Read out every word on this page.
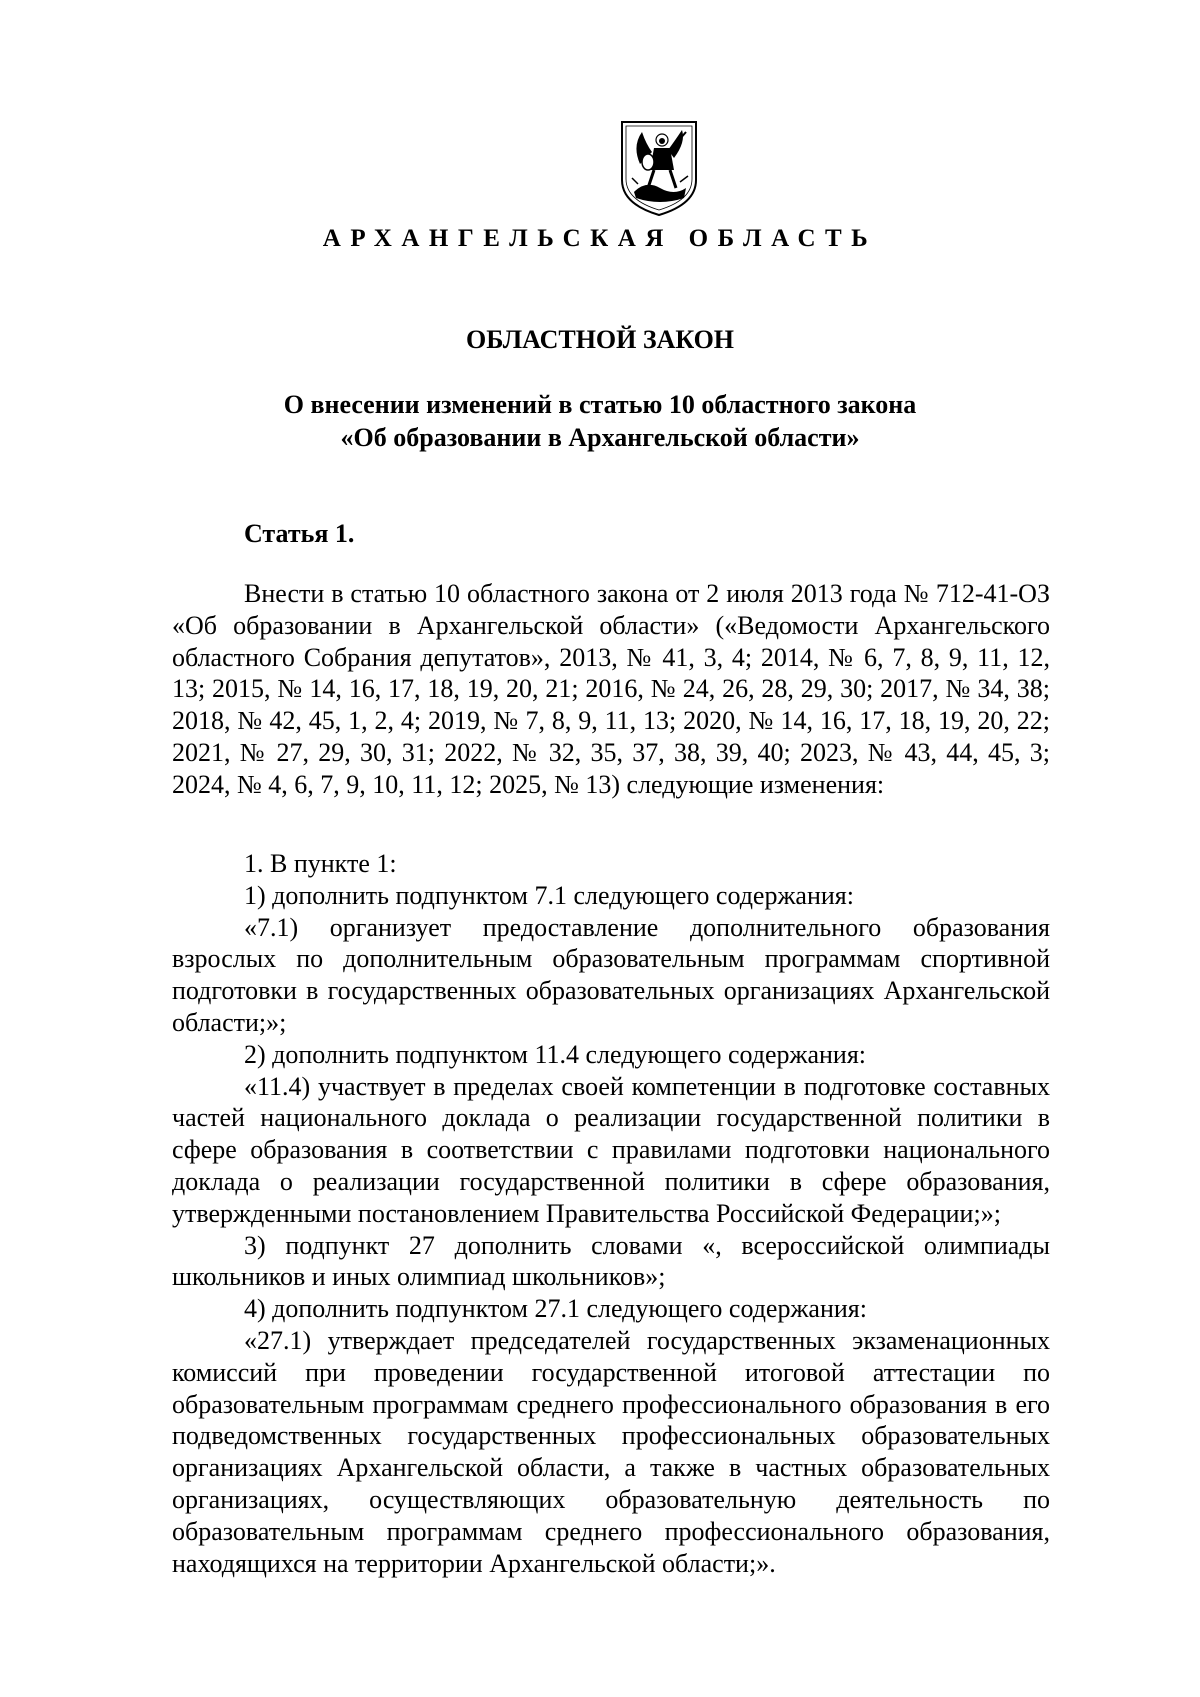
АРХАНГЕЛЬСКАЯ ОБЛАСТЬ
ОБЛАСТНОЙ ЗАКОН
О внесении изменений в статью 10 областного закона
«Об образовании в Архангельской области»
Статья 1.

Внести в статью 10 областного закона от 2 июля 2013 года № 712-41-ОЗ «Об образовании в Архангельской области» («Ведомости Архангельского областного Собрания депутатов», 2013, № 41, 3, 4; 2014, № 6, 7, 8, 9, 11, 12, 13; 2015, № 14, 16, 17, 18, 19, 20, 21; 2016, № 24, 26, 28, 29, 30; 2017, № 34, 38; 2018, № 42, 45, 1, 2, 4; 2019, № 7, 8, 9, 11, 13; 2020, № 14, 16, 17, 18, 19, 20, 22; 2021, № 27, 29, 30, 31; 2022, № 32, 35, 37, 38, 39, 40; 2023, № 43, 44, 45, 3; 2024, № 4, 6, 7, 9, 10, 11, 12; 2025, № 13) следующие изменения:

1. В пункте 1:

1) дополнить подпунктом 7.1 следующего содержания:

«7.1) организует предоставление дополнительного образования взрослых по дополнительным образовательным программам спортивной подготовки в государственных образовательных организациях Архангельской области;»;

2) дополнить подпунктом 11.4 следующего содержания:

«11.4) участвует в пределах своей компетенции в подготовке составных частей национального доклада о реализации государственной политики в сфере образования в соответствии с правилами подготовки национального доклада о реализации государственной политики в сфере образования, утвержденными постановлением Правительства Российской Федерации;»;

3) подпункт 27 дополнить словами «, всероссийской олимпиады школьников и иных олимпиад школьников»;

4) дополнить подпунктом 27.1 следующего содержания:

«27.1) утверждает председателей государственных экзаменационных комиссий при проведении государственной итоговой аттестации по образовательным программам среднего профессионального образования в его подведомственных государственных профессиональных образовательных организациях Архангельской области, а также в частных образовательных организациях, осуществляющих образовательную деятельность по образовательным программам среднего профессионального образования, находящихся на территории Архангельской области;».
